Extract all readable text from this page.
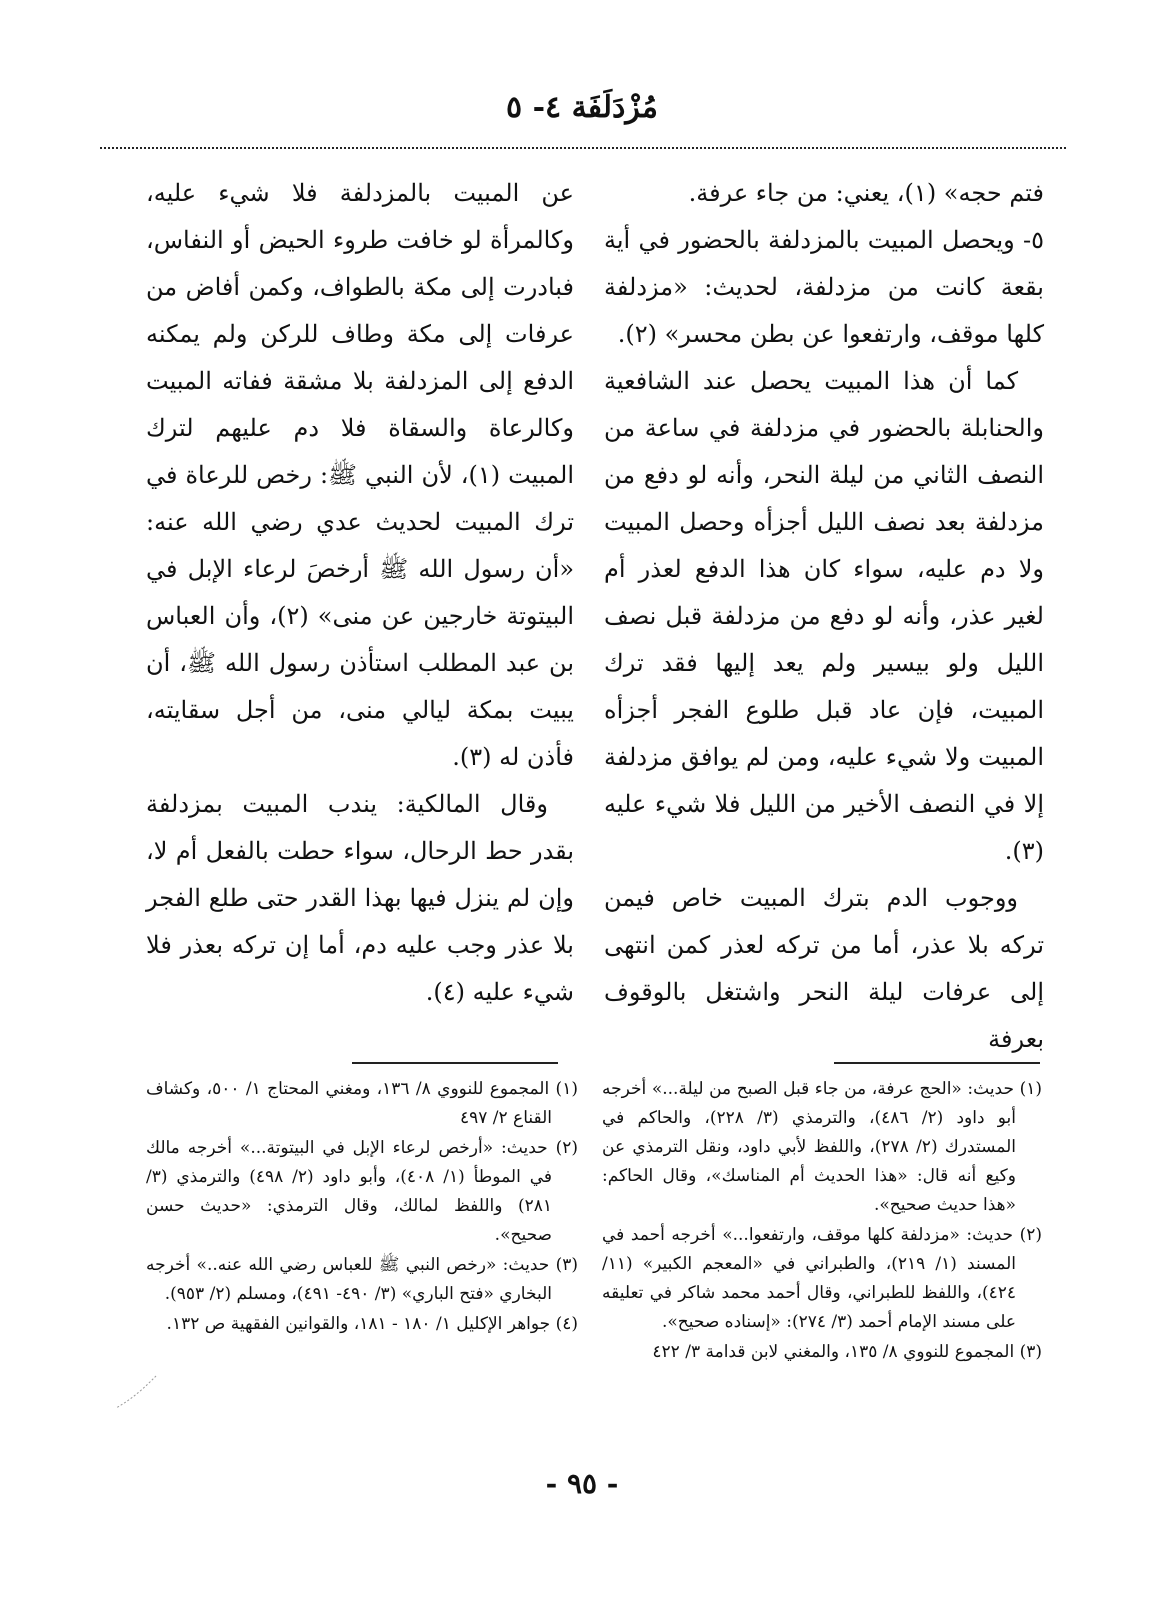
مُزْدَلَفَة ٤- ٥

فتم حجه» (١)، يعني: من جاء عرفة.

٥- ويحصل المبيت بالمزدلفة بالحضور في أية بقعة كانت من مزدلفة، لحديث: «مزدلفة كلها موقف، وارتفعوا عن بطن محسر» (٢).

كما أن هذا المبيت يحصل عند الشافعية والحنابلة بالحضور في مزدلفة في ساعة من النصف الثاني من ليلة النحر، وأنه لو دفع من مزدلفة بعد نصف الليل أجزأه وحصل المبيت ولا دم عليه، سواء كان هذا الدفع لعذر أم لغير عذر، وأنه لو دفع من مزدلفة قبل نصف الليل ولو بيسير ولم يعد إليها فقد ترك المبيت، فإن عاد قبل طلوع الفجر أجزأه المبيت ولا شيء عليه، ومن لم يوافق مزدلفة إلا في النصف الأخير من الليل فلا شيء عليه (٣).

ووجوب الدم بترك المبيت خاص فيمن تركه بلا عذر، أما من تركه لعذر كمن انتهى إلى عرفات ليلة النحر واشتغل بالوقوف بعرفة

عن المبيت بالمزدلفة فلا شيء عليه، وكالمرأة لو خافت طروء الحيض أو النفاس، فبادرت إلى مكة بالطواف، وكمن أفاض من عرفات إلى مكة وطاف للركن ولم يمكنه الدفع إلى المزدلفة بلا مشقة ففاته المبيت وكالرعاة والسقاة فلا دم عليهم لترك المبيت (١)، لأن النبي ﷺ: رخص للرعاة في ترك المبيت لحديث عدي رضي الله عنه: «أن رسول الله ﷺ أرخصَ لرعاء الإبل في البيتوتة خارجين عن منى» (٢)، وأن العباس بن عبد المطلب استأذن رسول الله ﷺ، أن يبيت بمكة ليالي منى، من أجل سقايته، فأذن له (٣).

وقال المالكية: يندب المبيت بمزدلفة بقدر حط الرحال، سواء حطت بالفعل أم لا، وإن لم ينزل فيها بهذا القدر حتى طلع الفجر بلا عذر وجب عليه دم، أما إن تركه بعذر فلا شيء عليه (٤).

(١) حديث: «الحج عرفة، من جاء قبل الصبح من ليلة...» أخرجه أبو داود (٢/ ٤٨٦)، والترمذي (٣/ ٢٢٨)، والحاكم في المستدرك (٢/ ٢٧٨)، واللفظ لأبي داود، ونقل الترمذي عن وكيع أنه قال: «هذا الحديث أم المناسك»، وقال الحاكم: «هذا حديث صحيح».

(٢) حديث: «مزدلفة كلها موقف، وارتفعوا...» أخرجه أحمد في المسند (١/ ٢١٩)، والطبراني في «المعجم الكبير» (١١/ ٤٢٤)، واللفظ للطبراني، وقال أحمد محمد شاكر في تعليقه على مسند الإمام أحمد (٣/ ٢٧٤): «إسناده صحيح».

(٣) المجموع للنووي ٨/ ١٣٥، والمغني لابن قدامة ٣/ ٤٢٢

(١) المجموع للنووي ٨/ ١٣٦، ومغني المحتاج ١/ ٥٠٠، وكشاف القناع ٢/ ٤٩٧

(٢) حديث: «أرخص لرعاء الإبل في البيتوتة...» أخرجه مالك في الموطأ (١/ ٤٠٨)، وأبو داود (٢/ ٤٩٨) والترمذي (٣/ ٢٨١) واللفظ لمالك، وقال الترمذي: «حديث حسن صحيح».

(٣) حديث: «رخص النبي ﷺ للعباس رضي الله عنه..» أخرجه البخاري «فتح الباري» (٣/ ٤٩٠- ٤٩١)، ومسلم (٢/ ٩٥٣).

(٤) جواهر الإكليل ١/ ١٨٠ - ١٨١، والقوانين الفقهية ص ١٣٢.

- ٩٥ -
